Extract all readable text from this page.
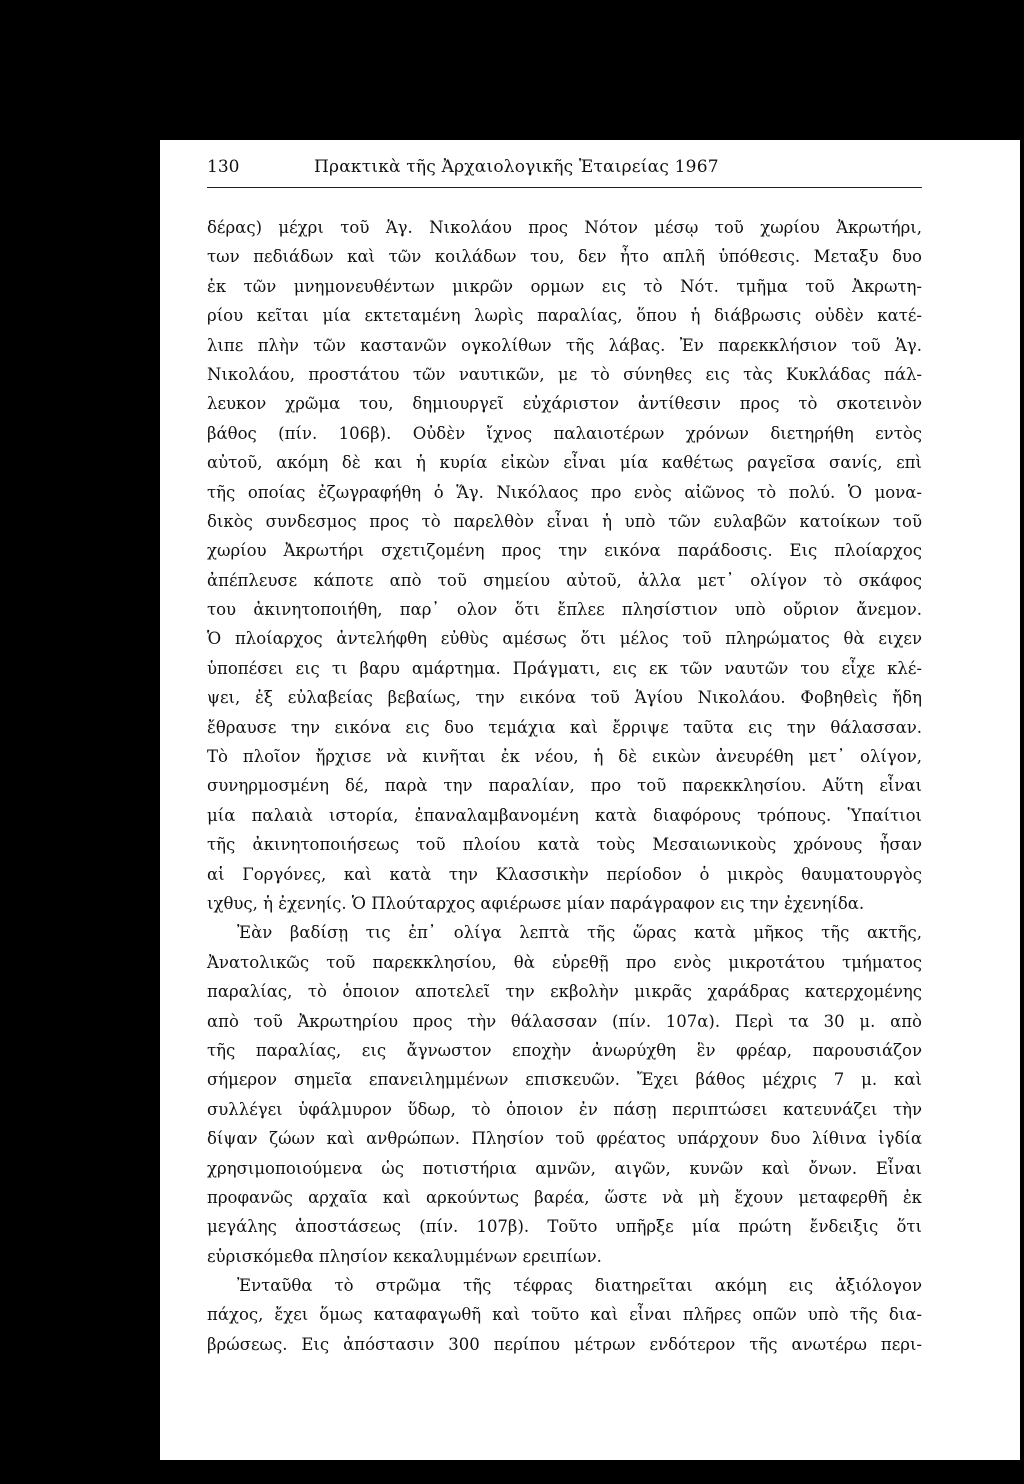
130	Πρακτικὰ τῆς Ἀρχαιολογικῆς Ἑταιρείας 1967
δέρας) μέχρι τοῦ Ἁγ. Νικολάου προς Νότον μέσῳ τοῦ χωρίου Ἀκρωτήρι,
των πεδιάδων καὶ τῶν κοιλάδων του, δεν ἦτο απλῆ ὑπόθεσις. Μεταξυ δυο
ἐκ τῶν μνημονευθέντων μικρῶν ορμων εις τὸ Νότ. τμῆμα τοῦ Ἀκρωτη-
ρίου κεῖται μία εκτεταμένη λωρὶς παραλίας, ὅπου ἡ διάβρωσις οὐδὲν κατέ-
λιπε πλὴν τῶν καστανῶν ογκολίθων τῆς λάβας. Ἐν παρεκκλήσιον τοῦ Ἁγ.
Νικολάου, προστάτου τῶν ναυτικῶν, με τὸ σύνηθες εις τὰς Κυκλάδας πάλ-
λευκον χρῶμα του, δημιουργεῖ εὐχάριστον ἀντίθεσιν προς τὸ σκοτεινὸν
βάθος (πίν. 106β). Οὐδὲν ἴχνος παλαιοτέρων χρόνων διετηρήθη εντὸς
αὐτοῦ, ακόμη δὲ και ἡ κυρία εἰκὼν εἶναι μία καθέτως ραγεῖσα σανίς, επὶ
τῆς οποίας ἐζωγραφήθη ὁ Ἅγ. Νικόλαος προ ενὸς αἰῶνος τὸ πολύ. Ὁ μονα-
δικὸς συνδεσμος προς τὸ παρελθὸν εἶναι ἡ υπὸ τῶν ευλαβῶν κατοίκων τοῦ
χωρίου Ἀκρωτήρι σχετιζομένη προς την εικόνα παράδοσις. Εις πλοίαρχος
ἀπέπλευσε κάποτε απὸ τοῦ σημείου αὐτοῦ, ἀλλα μετ᾽ ολίγον τὸ σκάφος
του ἀκινητοποιήθη, παρ᾽ ολον ὅτι ἔπλεε πλησίστιον υπὸ οὔριον ἄνεμον.
Ὁ πλοίαρχος ἀντελήφθη εὐθὺς αμέσως ὅτι μέλος τοῦ πληρώματος θὰ ειχεν
ὑποπέσει εις τι βαρυ αμάρτημα. Πράγματι, εις εκ τῶν ναυτῶν του εἶχε κλέ-
ψει, ἐξ εὐλαβείας βεβαίως, την εικόνα τοῦ Ἁγίου Νικολάου. Φοβηθεὶς ἤδη
ἔθραυσε την εικόνα εις δυο τεμάχια καὶ ἔρριψε ταῦτα εις την θάλασσαν.
Τὸ πλοῖον ἤρχισε νὰ κινῆται ἐκ νέου, ἡ δὲ εικὼν ἀνευρέθη μετ᾽ ολίγον,
συνηρμοσμένη δέ, παρὰ την παραλίαν, προ τοῦ παρεκκλησίου. Αὕτη εἶναι
μία παλαιὰ ιστορία, ἐπαναλαμβανομένη κατὰ διαφόρους τρόπους. Ὑπαίτιοι
τῆς ἀκινητοποιήσεως τοῦ πλοίου κατὰ τοὺς Μεσαιωνικοὺς χρόνους ἦσαν
αἱ Γοργόνες, καὶ κατὰ την Κλασσικὴν περίοδον ὁ μικρὸς θαυματουργὸς
ιχθυς, ἡ ἐχενηίς. Ὁ Πλούταρχος αφιέρωσε μίαν παράγραφον εις την ἐχενηίδα.
Ἐὰν βαδίσῃ τις ἐπ᾽ ολίγα λεπτὰ τῆς ὥρας κατὰ μῆκος τῆς ακτῆς,
Ἀνατολικῶς τοῦ παρεκκλησίου, θὰ εὑρεθῇ προ ενὸς μικροτάτου τμήματος
παραλίας, τὸ ὁποιον αποτελεῖ την εκβολὴν μικρᾶς χαράδρας κατερχομένης
απὸ τοῦ Ἀκρωτηρίου προς τὴν θάλασσαν (πίν. 107α). Περὶ τα 30 μ. απὸ
τῆς παραλίας, εις ἄγνωστον εποχὴν ἀνωρύχθη ἓν φρέαρ, παρουσιάζον
σήμερον σημεῖα επανειλημμένων επισκευῶν. Ἔχει βάθος μέχρις 7 μ. καὶ
συλλέγει ὑφάλμυρον ὕδωρ, τὸ ὁποιον ἐν πάσῃ περιπτώσει κατευνάζει τὴν
δίψαν ζώων καὶ ανθρώπων. Πλησίον τοῦ φρέατος υπάρχουν δυο λίθινα ἰγδία
χρησιμοποιούμενα ὡς ποτιστήρια αμνῶν, αιγῶν, κυνῶν καὶ ὄνων. Εἶναι
προφανῶς αρχαῖα καὶ αρκούντως βαρέα, ὥστε νὰ μὴ ἔχουν μεταφερθῆ ἐκ
μεγάλης ἀποστάσεως (πίν. 107β). Τοῦτο υπῆρξε μία πρώτη ἔνδειξις ὅτι
εὑρισκόμεθα πλησίον κεκαλυμμένων ερειπίων.
Ἐνταῦθα τὸ στρῶμα τῆς τέφρας διατηρεῖται ακόμη εις ἀξιόλογον
πάχος, ἔχει ὅμως καταφαγωθῆ καὶ τοῦτο καὶ εἶναι πλῆρες οπῶν υπὸ τῆς δια-
βρώσεως. Εις ἀπόστασιν 300 περίπου μέτρων ενδότερον τῆς ανωτέρω περι-
